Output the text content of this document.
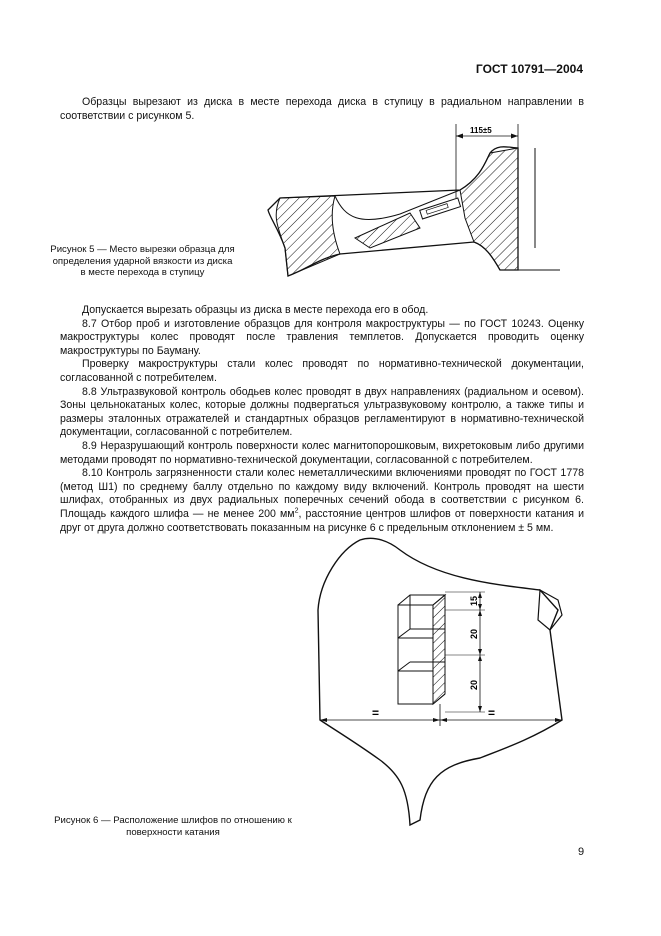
ГОСТ 10791—2004

Образцы вырезают из диска в месте перехода диска в ступицу в радиальном направлении в соответствии с рисунком 5.

115±5
Рисунок 5 — Место вырезки образца для определения ударной вязкости из диска в месте перехода в ступицу

Допускается вырезать образцы из диска в месте перехода его в обод.

8.7 Отбор проб и изготовление образцов для контроля макроструктуры — по ГОСТ 10243. Оценку макроструктуры колес проводят после травления темплетов. Допускается проводить оценку макроструктуры по Бауману.

Проверку макроструктуры стали колес проводят по нормативно-технической документации, согласованной с потребителем.

8.8 Ультразвуковой контроль ободьев колес проводят в двух направлениях (радиальном и осевом). Зоны цельнокатаных колес, которые должны подвергаться ультразвуковому контролю, а также типы и размеры эталонных отражателей и стандартных образцов регламентируют в нормативно-технической документации, согласованной с потребителем.

8.9 Неразрушающий контроль поверхности колес магнитопорошковым, вихретоковым либо другими методами проводят по нормативно-технической документации, согласованной с потребителем.

8.10 Контроль загрязненности стали колес неметаллическими включениями проводят по ГОСТ 1778 (метод Ш1) по среднему баллу отдельно по каждому виду включений. Контроль проводят на шести шлифах, отобранных из двух радиальных поперечных сечений обода в соответствии с рисунком 6. Площадь каждого шлифа — не менее 200 $мм^2$, расстояние центров шлифов от поверхности катания и друг от друга должно соответствовать показанным на рисунке 6 с предельным отклонением ± 5 мм.

15
20
20
=	=
Рисунок 6 — Расположение шлифов по отношению к поверхности катания
9
